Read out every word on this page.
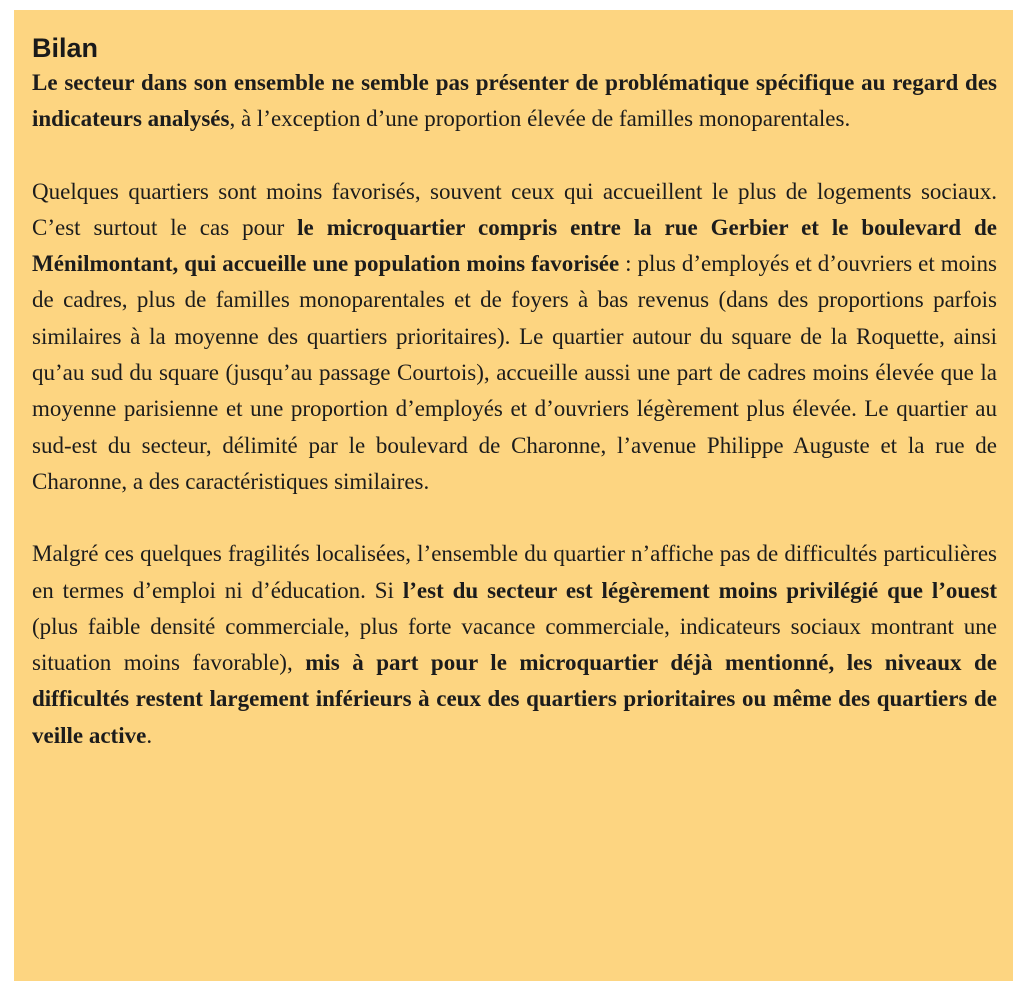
Bilan

Le secteur dans son ensemble ne semble pas présenter de problématique spécifique au regard des indicateurs analysés, à l’exception d’une proportion élevée de familles monoparentales.

Quelques quartiers sont moins favorisés, souvent ceux qui accueillent le plus de logements sociaux. C’est surtout le cas pour le microquartier compris entre la rue Gerbier et le boulevard de Ménilmontant, qui accueille une population moins favorisée : plus d’employés et d’ouvriers et moins de cadres, plus de familles monoparentales et de foyers à bas revenus (dans des proportions parfois similaires à la moyenne des quartiers prioritaires). Le quartier autour du square de la Roquette, ainsi qu’au sud du square (jusqu’au passage Courtois), accueille aussi une part de cadres moins élevée que la moyenne parisienne et une proportion d’employés et d’ouvriers légèrement plus élevée. Le quartier au sud-est du secteur, délimité par le boulevard de Charonne, l’avenue Philippe Auguste et la rue de Charonne, a des caractéristiques similaires.

Malgré ces quelques fragilités localisées, l’ensemble du quartier n’affiche pas de difficultés particulières en termes d’emploi ni d’éducation. Si l’est du secteur est légèrement moins privilégié que l’ouest (plus faible densité commerciale, plus forte vacance commerciale, indicateurs sociaux montrant une situation moins favorable), mis à part pour le microquartier déjà mentionné, les niveaux de difficultés restent largement inférieurs à ceux des quartiers prioritaires ou même des quartiers de veille active.
